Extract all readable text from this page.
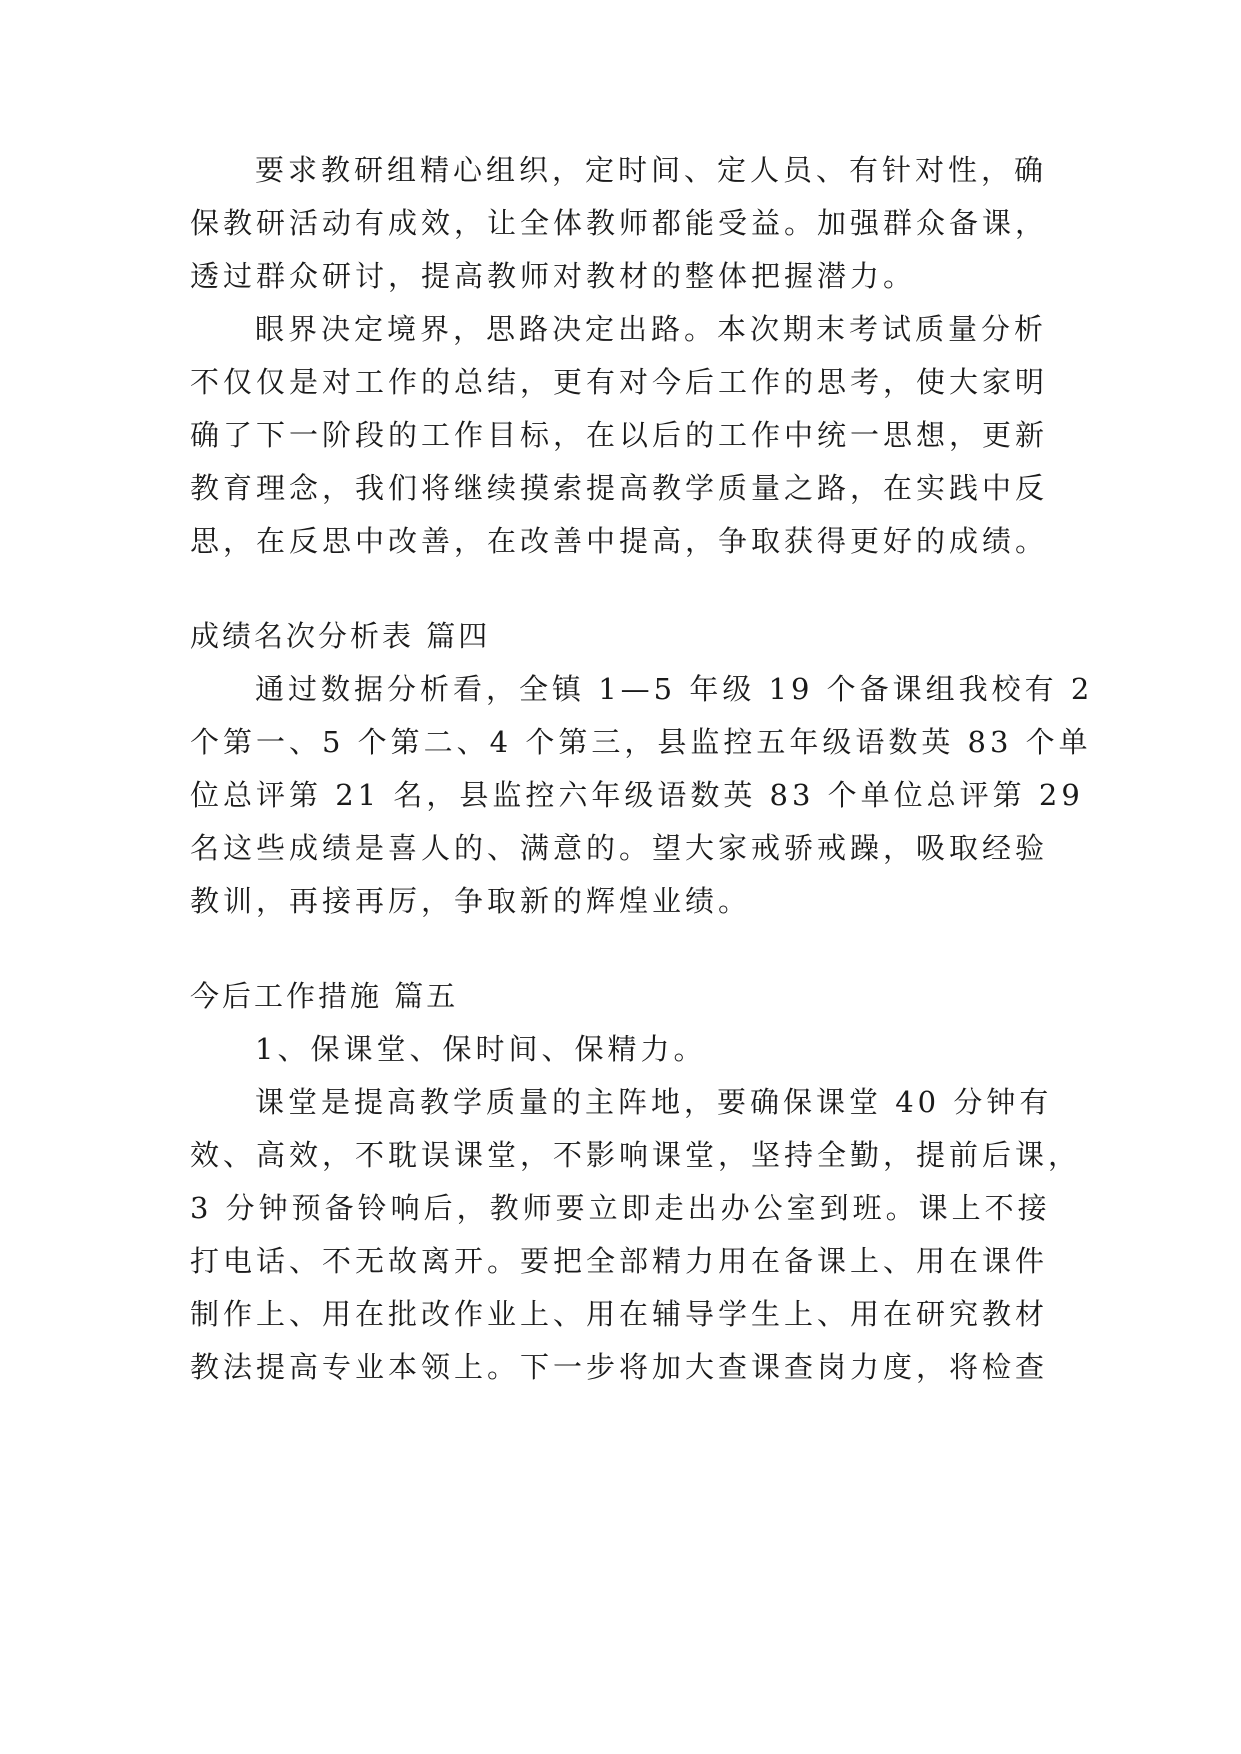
要求教研组精心组织，定时间、定人员、有针对性，确
保教研活动有成效，让全体教师都能受益。加强群众备课，
透过群众研讨，提高教师对教材的整体把握潜力。
眼界决定境界，思路决定出路。本次期末考试质量分析
不仅仅是对工作的总结，更有对今后工作的思考，使大家明
确了下一阶段的工作目标，在以后的工作中统一思想，更新
教育理念，我们将继续摸索提高教学质量之路，在实践中反
思，在反思中改善，在改善中提高，争取获得更好的成绩。
成绩名次分析表 篇四
通过数据分析看，全镇 1—5 年级 19 个备课组我校有 2
个第一、5 个第二、4 个第三，县监控五年级语数英 83 个单
位总评第 21 名，县监控六年级语数英 83 个单位总评第 29
名这些成绩是喜人的、满意的。望大家戒骄戒躁，吸取经验
教训，再接再厉，争取新的辉煌业绩。
今后工作措施 篇五
1、保课堂、保时间、保精力。
课堂是提高教学质量的主阵地，要确保课堂 40 分钟有
效、高效，不耽误课堂，不影响课堂，坚持全勤，提前后课，
3 分钟预备铃响后，教师要立即走出办公室到班。课上不接
打电话、不无故离开。要把全部精力用在备课上、用在课件
制作上、用在批改作业上、用在辅导学生上、用在研究教材
教法提高专业本领上。下一步将加大查课查岗力度，将检查
